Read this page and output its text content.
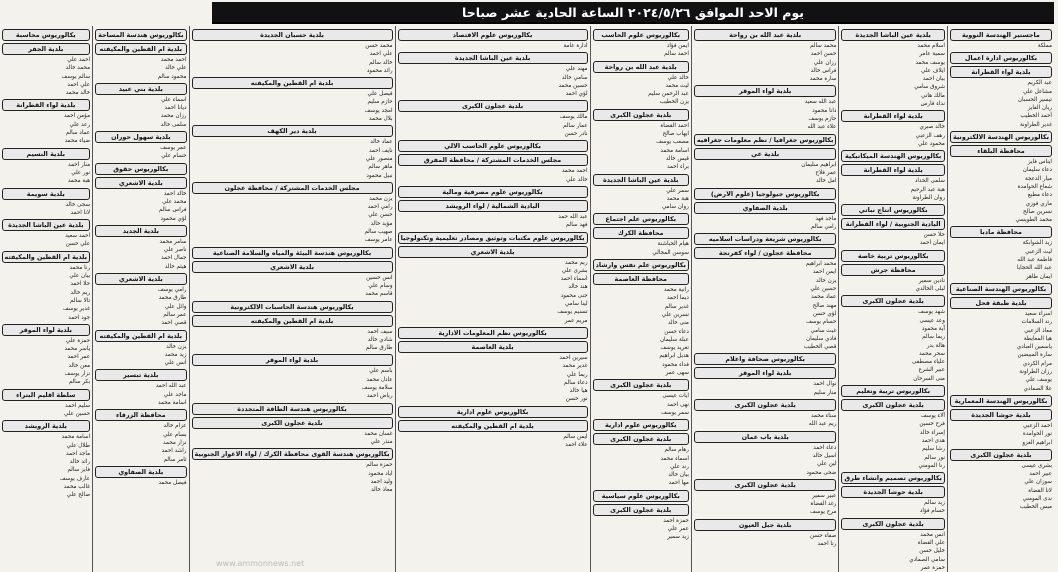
يوم الاحد الموافق ٢٠٢٤/٥/٢٦ الساعة الحادية عشر صباحا
ماجستير الهندسة النووية
مملكة
بكالوريوس ادارة اعمال
بلدية لواء القطرانة
عبد الكريم
مشاعل علي
تيسير الحسبان
ريان الفايز
أحمد الخطيب
غدير الطراونة
بكالوريوس الهندسة الالكترونية
محافظة البلقاء
ايناس فايز
دعاء سليمان
ميار الدعجة
شعاع الحوامدة
دعاء مطيع
ماري فوزي
نسرين صالح
محمد الطويسي
محافظة مادبا
زيد الشوابكة
ليث الزعبي
فاطمة عبد الله
عبد الله الحجايا
ايمان طاهر
بكالوريوس الهندسة الصناعية
بلدية طبقة فحل
اسراء سعيد
رند السلامات
معاذ الزعبي
هيا المعايطة
ياسمين العبادي
سارة المبيضين
مرام الكردي
رزان الطراونة
يوسف علي
علا الصمادي
بكالوريوس الهندسة المعمارية
بلدية حوشا الجديدة
احمد الزعبي
نور الحوامدة
ابراهيم الغزو
بلدية عجلون الكبرى
بشرى عيسى
عبير احمد
سوزان علي
لانا القضاة
ندى المومني
ميس الخطيب
بلدية عين الباشا الجديدة
اسلام محمد
سمية عامر
يوسف محمد
ايلاف علي
بيان احمد
شروق سامي
مالك هاني
نداء فارس
بلدية لواء القطرانة
خالد صبري
رهف الزعبي
محمود علي
بكالوريوس الهندسة الميكانيكية
بلدية لواء القطرانة
سلمى الحداد
هبة عبد الرحيم
روان الطراونة
بكالوريوس انتاج نباتي
البادية الجنوبية / لواء القطرانة
حلا حسن
ايمان احمد
بكالوريوس تربية خاصة
محافظة جرش
نادين سمير
ليلى الخالدي
بلدية عجلون الكبرى
شهد يوسف
وعد عيسى
آية محمود
ريما سالم
هالة بدر
سحر محمد
علياء مصطفى
عبير الشرع
منى السرحان
بكالوريوس تربية وتعليم
بلدية عجلون الكبرى
آلاء يوسف
فرح حسين
إسراء خالد
هدى احمد
رشا سليم
نور سالم
رنا المومني
بكالوريوس تصميم وانشاء طرق
بلدية حوشا الجديدة
زيد سالم
حسام فؤاد
بلدية عجلون الكبرى
انس محمد
علي القضاة
خليل حسن
سامي الصمادي
حمزة عمر
بلدية عبد الله بن رواحة
محمد سالم
حسن احمد
رزان علي
فراس خالد
سارة محمد
بلدية لواء الموقر
عبد الله سعيد
دانا محمود
حازم يوسف
علاء عبد الله
بكالوريوس جغرافيا / نظم معلومات جغرافيه
بلدية عي
ابراهيم سليمان
عمر فلاح
امل خالد
بكالوريوس جيولوجيا (علوم الارض)
بلدية الصفاوي
ماجد فهد
رامي سالم
بكالوريوس شريعة ودراسات اسلاميه
محافظة عجلون / لواء كفرنجة
محمد ابراهيم
ايمن احمد
يزن خالد
حسين علي
عماد محمد
مهند صالح
لؤي حسن
حسام يوسف
غيث سامي
فادي سليمان
قصي الخطيب
بكالوريوس صحافة واعلام
بلدية لواء الموقر
نوال احمد
منار سليم
بلدية عجلون الكبرى
سناء محمد
ريم عبد الله
بلدية باب عمان
دعاء احمد
اسيل خالد
لين علي
ضحى محمود
بلدية عجلون الكبرى
عبير سمير
رغد القضاة
مرح يوسف
بلدية جبل العيون
صفاء حسن
رنا احمد
بكالوريوس علوم الحاسب
ايمن فؤاد
احمد سالم
بلدية عبد الله بن رواحة
خالد علي
ليث محمد
عبد الرحمن سليم
يزن الخطيب
بلدية عجلون الكبرى
احمد القضاة
ايهاب صالح
مصعب يوسف
اسامة محمد
قيس خالد
براء احمد
بلدية عين الباشا الجديدة
سمر علي
هبة محمد
روان سامي
بكالوريوس علم اجتماع
محافظة الكرك
هيام الحباشنة
سوسن المجالي
بكالوريوس علم نفس وارشاد
محافظة العاصمة
رانية محمد
ديما احمد
غدير سالم
نسرين علي
منى خالد
دعاء حسن
عبلة سليمان
تغريد يوسف
هديل ابراهيم
فداء محمود
سهى عمر
بلدية عجلون الكبرى
ايات عيسى
نهى احمد
سمر يوسف
بكالوريوس علوم ادارية
بلدية عجلون الكبرى
رهام سالم
اسماء محمد
رند علي
بيان خالد
مها احمد
بكالوريوس علوم سياسية
بلدية عجلون الكبرى
حمزة احمد
عمر علي
زيد سمير
بكالوريوس علوم الاقتصاد
ادارة عامة
بلدية عين الباشا الجديدة
مهند علي
سامي خالد
حسين محمد
لؤي احمد
بلدية عجلون الكبرى
مالك يوسف
عمار سالم
نادر حسن
بكالوريوس علوم الحاسب الالي
مجلس الخدمات المشتركة / محافظة المفرق
احمد محمد
خالد علي
بكالوريوس علوم مصرفية ومالية
البادية الشمالية / لواء الرويشد
عبد الله حمد
فهد سالم
بكالوريوس علوم مكتبات وتوثيق ومصادر تعليمية وتكنولوجيا
بلدية الاشعري
ريم محمد
بشرى علي
اسماء احمد
هند خالد
جنى محمود
لينا سامي
تسنيم يوسف
مريم عمر
بكالوريوس نظم المعلومات الادارية
بلدية العاصمة
سيرين احمد
غدير محمد
ريما علي
دعاء سالم
هيا خالد
نور حسن
بكالوريوس علوم ادارية
بلدية ام القطين والمكيفته
ايمن سالم
علاء احمد
بلدية حسبان الجديدة
محمد حسن
علي احمد
خالد سالم
رائد محمود
بلدية ام القطين والمكيفته
فيصل علي
حازم سليم
امجد يوسف
بلال محمد
بلدية دير الكهف
عماد خالد
نايف احمد
منصور علي
ماهر سالم
نبيل محمود
مجلس الخدمات المشتركة / محافظة عجلون
يزن محمد
رامي احمد
حسن علي
مؤيد خالد
صهيب سالم
عامر يوسف
بكالوريوس هندسة البيئة والمياه والسلامة الصناعية
بلدية الاشعري
انس حسين
وسام علي
قاسم محمد
بكالوريوس هندسة الحاسبات الالكترونية
بلدية ام القطين والمكيفته
سيف احمد
شادي خالد
طارق سالم
بلدية لواء الموقر
باسم علي
عادل محمد
سلامة يوسف
رياض احمد
بكالوريوس هندسة الطاقة المتجددة
بلدية عجلون الكبرى
غسان محمد
منذر علي
بكالوريوس هندسة القوى محافظة الكرك / لواء الاغوار الجنوبية
حمزة سالم
اياد محمود
وليد احمد
معاذ خالد
بكالوريوس هندسة المساحة
بلدية ام القطين والمكيفته
احمد محمد
علي خالد
محمود سالم
بلدية بني عبيد
اسماء علي
ديانا احمد
رزان محمد
سلمى خالد
بلدية سهول حوران
عمر يوسف
حسام علي
بكالوريوس حقوق
بلدية الاشعري
خالد احمد
محمد علي
فراس سالم
لؤي محمود
بلدية الجديد
سامر محمد
ناصر علي
جمال احمد
هيثم خالد
بلدية الاشعري
رامي يوسف
طارق محمد
وائل علي
عمر سالم
قصي احمد
بلدية ام القطين والمكيفته
يزن خالد
زيد محمد
أنس علي
بلدية تبسير
عبد الله احمد
ماجد علي
اسامة محمد
محافظة الزرقاء
عزام خالد
بسام علي
نزار محمد
راشد احمد
ثامر سالم
بلدية الصفاوي
فيصل محمد
بكالوريوس محاسبة
بلدية الجفر
احمد علي
محمد خالد
سالم يوسف
علي احمد
خالد محمد
بلدية لواء القطرانة
مؤمن احمد
رعد علي
عماد سالم
ضياء محمد
بلدية النسيم
منار احمد
نور علي
هبة محمد
بلدية سويمة
سجى خالد
لانا احمد
بلدية عين الباشا الجديدة
احمد سعيد
علي حسن
بلدية ام القطين والمكيفته
رنا محمد
بيان علي
حلا احمد
ريم خالد
تالا سالم
غدير يوسف
جود احمد
بلدية لواء الموقر
حمزة علي
ياسر محمد
عمر احمد
معن خالد
نزار يوسف
بكر سالم
سلطة اقليم البتراء
سليم احمد
حسين علي
بلدية الرويشد
اسامة محمد
طلال علي
ماجد احمد
رائد خالد
فايز سالم
عارف يوسف
غالب محمد
صالح علي
www.ammonnews.net
